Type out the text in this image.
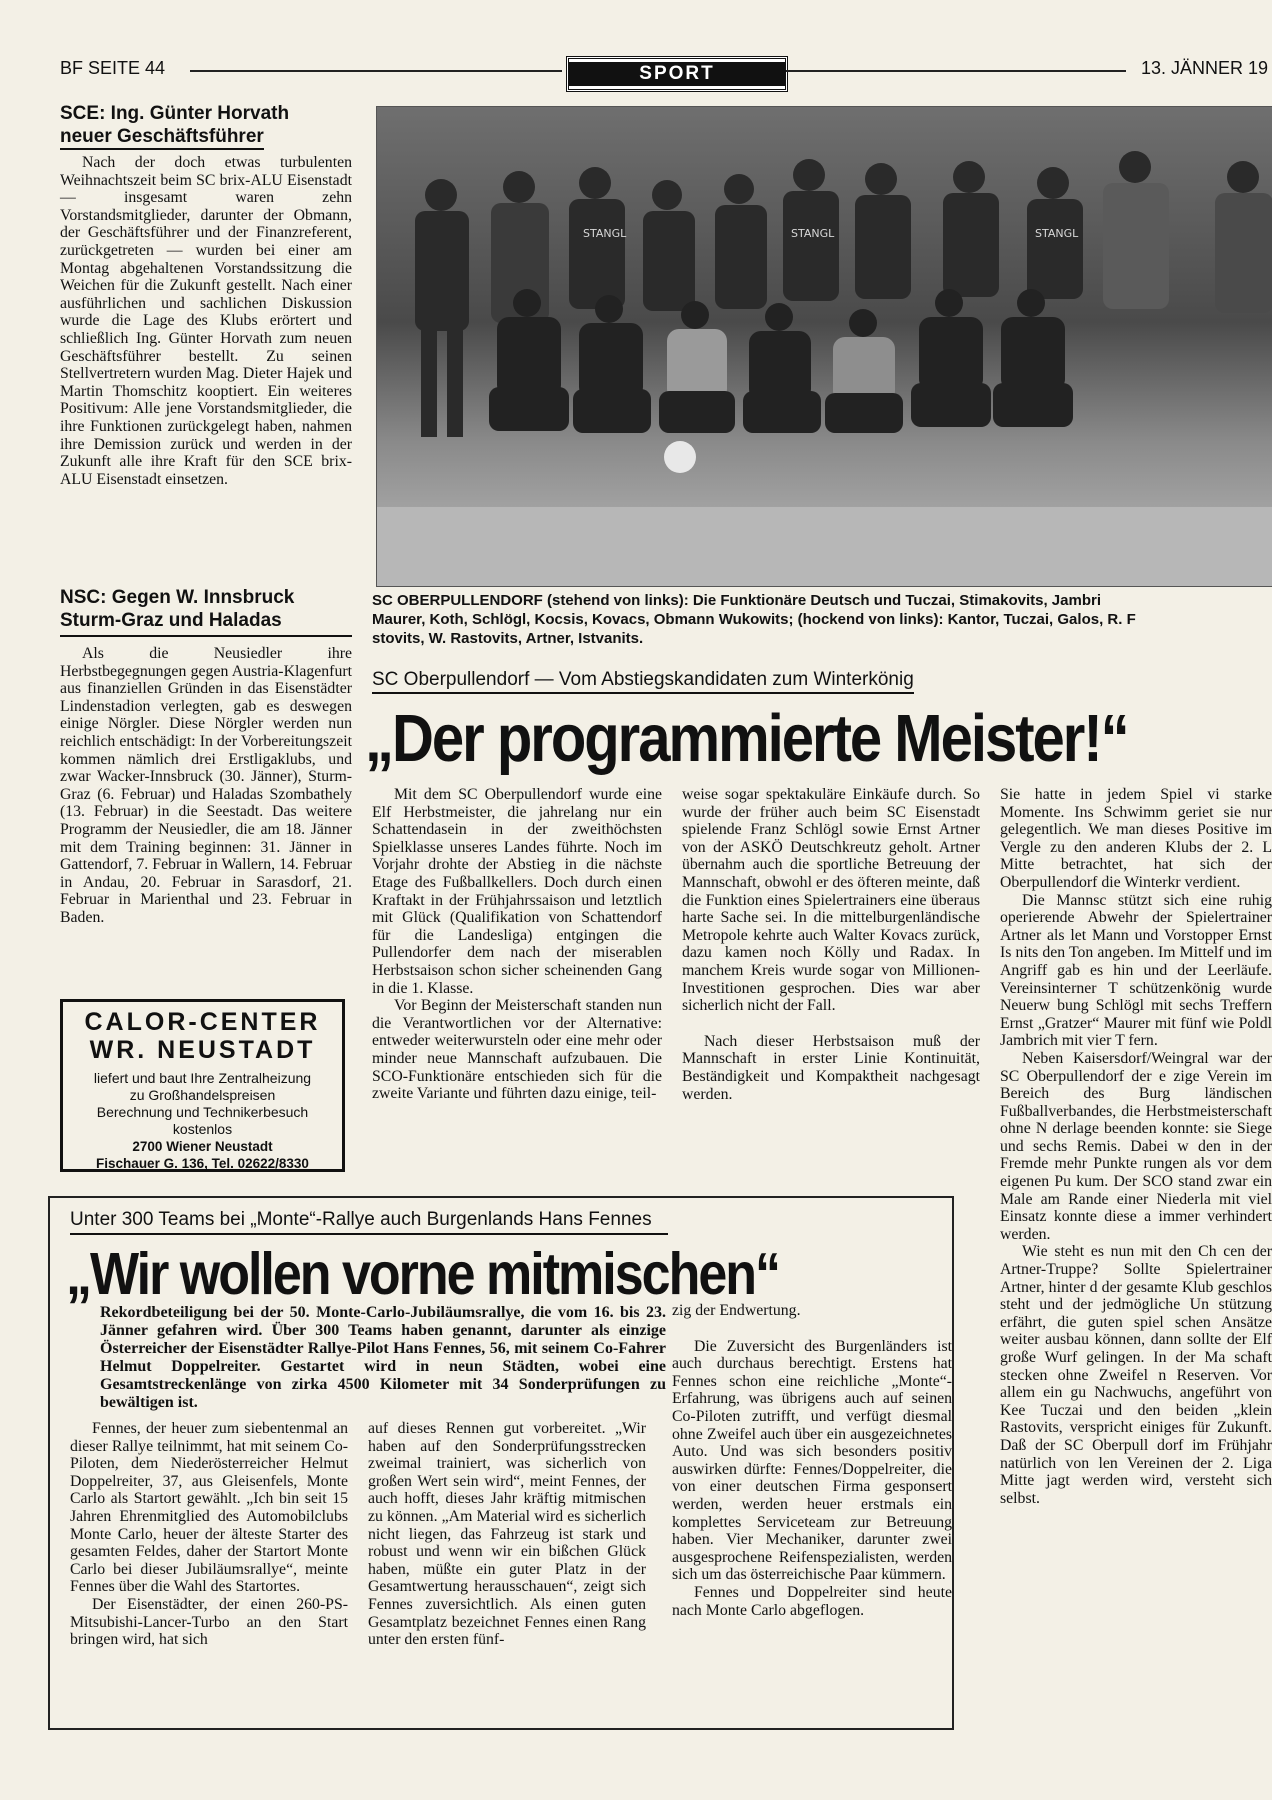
BF SEITE 44	SPORT	13. JÄNNER 19
SCE: Ing. Günter Horvath
neuer Geschäftsführer

Nach der doch etwas turbulenten Weihnachtszeit beim SC brix-ALU Eisenstadt — insgesamt waren zehn Vorstandsmitglieder, darunter der Obmann, der Geschäftsführer und der Finanzreferent, zurückgetreten — wurden bei einer am Montag abgehaltenen Vorstandssitzung die Weichen für die Zukunft gestellt. Nach einer ausführlichen und sachlichen Diskussion wurde die Lage des Klubs erörtert und schließlich Ing. Günter Horvath zum neuen Geschäftsführer bestellt. Zu seinen Stellvertretern wurden Mag. Dieter Hajek und Martin Thomschitz kooptiert. Ein weiteres Positivum: Alle jene Vorstandsmitglieder, die ihre Funktionen zurückgelegt haben, nahmen ihre Demission zurück und werden in der Zukunft alle ihre Kraft für den SCE brix-ALU Eisenstadt einsetzen.

NSC: Gegen W. Innsbruck
Sturm-Graz und Haladas

Als die Neusiedler ihre Herbstbegegnungen gegen Austria-Klagenfurt aus finanziellen Gründen in das Eisenstädter Lindenstadion verlegten, gab es deswegen einige Nörgler. Diese Nörgler werden nun reichlich entschädigt: In der Vorbereitungszeit kommen nämlich drei Erstligaklubs, und zwar Wacker-Innsbruck (30. Jänner), Sturm-Graz (6. Februar) und Haladas Szombathely (13. Februar) in die Seestadt. Das weitere Programm der Neusiedler, die am 18. Jänner mit dem Training beginnen: 31. Jänner in Gattendorf, 7. Februar in Wallern, 14. Februar in Andau, 20. Februar in Sarasdorf, 21. Februar in Marienthal und 23. Februar in Baden.

CALOR-CENTER
WR. NEUSTADT
liefert und baut Ihre Zentralheizung
zu Großhandelspreisen
Berechnung und Technikerbesuch
kostenlos
2700 Wiener Neustadt
Fischauer G. 136, Tel. 02622/8330
STANGL	STANGL	STANGL
SC OBERPULLENDORF (stehend von links): Die Funktionäre Deutsch und Tuczai, Stimakovits, Jambri
Maurer, Koth, Schlögl, Kocsis, Kovacs, Obmann Wukowits; (hockend von links): Kantor, Tuczai, Galos, R. F
stovits, W. Rastovits, Artner, Istvanits.
SC Oberpullendorf — Vom Abstiegskandidaten zum Winterkönig
„Der programmierte Meister!“

Mit dem SC Oberpullendorf wurde eine Elf Herbstmeister, die jahrelang nur ein Schattendasein in der zweithöchsten Spielklasse unseres Landes führte. Noch im Vorjahr drohte der Abstieg in die nächste Etage des Fußballkellers. Doch durch einen Kraftakt in der Frühjahrssaison und letztlich mit Glück (Qualifikation von Schattendorf für die Landesliga) entgingen die Pullendorfer dem nach der miserablen Herbstsaison schon sicher scheinenden Gang in die 1. Klasse.

Vor Beginn der Meisterschaft standen nun die Verantwortlichen vor der Alternative: entweder weiterwursteln oder eine mehr oder minder neue Mannschaft aufzubauen. Die SCO-Funktionäre entschieden sich für die zweite Variante und führten dazu einige, teil-

weise sogar spektakuläre Einkäufe durch. So wurde der früher auch beim SC Eisenstadt spielende Franz Schlögl sowie Ernst Artner von der ASKÖ Deutschkreutz geholt. Artner übernahm auch die sportliche Betreuung der Mannschaft, obwohl er des öfteren meinte, daß die Funktion eines Spielertrainers eine überaus harte Sache sei. In die mittelburgenländische Metropole kehrte auch Walter Kovacs zurück, dazu kamen noch Kölly und Radax. In manchem Kreis wurde sogar von Millionen-Investitionen gesprochen. Dies war aber sicherlich nicht der Fall.

Nach dieser Herbstsaison muß der Mannschaft in erster Linie Kontinuität, Beständigkeit und Kompaktheit nachgesagt werden.

Sie hatte in jedem Spiel vi starke Momente. Ins Schwimm geriet sie nur gelegentlich. We man dieses Positive im Vergle zu den anderen Klubs der 2. L Mitte betrachtet, hat sich der Oberpullendorf die Winterkr verdient.

Die Mannsc stützt sich eine ruhig operierende Abwehr der Spielertrainer Artner als let Mann und Vorstopper Ernst Is nits den Ton angeben. Im Mittelf und im Angriff gab es hin und der Leerläufe. Vereinsinterner T schützenkönig wurde Neuerw bung Schlögl mit sechs Treffern Ernst „Gratzer“ Maurer mit fünf wie Poldl Jambrich mit vier T fern.

Neben Kaisersdorf/Weingral war der SC Oberpullendorf der e zige Verein im Bereich des Burg ländischen Fußballverbandes, die Herbstmeisterschaft ohne N derlage beenden konnte: sie Siege und sechs Remis. Dabei w den in der Fremde mehr Punkte rungen als vor dem eigenen Pu kum. Der SCO stand zwar ein Male am Rande einer Niederla mit viel Einsatz konnte diese a immer verhindert werden.

Wie steht es nun mit den Ch cen der Artner-Truppe? Sollte Spielertrainer Artner, hinter d der gesamte Klub geschlos steht und der jedmögliche Un stützung erfährt, die guten spiel schen Ansätze weiter ausbau können, dann sollte der Elf große Wurf gelingen. In der Ma schaft stecken ohne Zweifel n Reserven. Vor allem ein gu Nachwuchs, angeführt von Kee Tuczai und den beiden „klein Rastovits, verspricht einiges für Zukunft. Daß der SC Oberpull dorf im Frühjahr natürlich von len Vereinen der 2. Liga Mitte jagt werden wird, versteht sich selbst.

Unter 300 Teams bei „Monte“-Rallye auch Burgenlands Hans Fennes
„Wir wollen vorne mitmischen“
Rekordbeteiligung bei der 50. Monte-Carlo-Jubiläumsrallye, die vom 16. bis 23. Jänner gefahren wird. Über 300 Teams haben genannt, darunter als einzige Österreicher der Eisenstädter Rallye-Pilot Hans Fennes, 56, mit seinem Co-Fahrer Helmut Doppelreiter. Gestartet wird in neun Städten, wobei eine Gesamtstreckenlänge von zirka 4500 Kilometer mit 34 Sonderprüfungen zu bewältigen ist.

Fennes, der heuer zum siebentenmal an dieser Rallye teilnimmt, hat mit seinem Co-Piloten, dem Niederösterreicher Helmut Doppelreiter, 37, aus Gleisenfels, Monte Carlo als Startort gewählt. „Ich bin seit 15 Jahren Ehrenmitglied des Automobilclubs Monte Carlo, heuer der älteste Starter des gesamten Feldes, daher der Startort Monte Carlo bei dieser Jubiläumsrallye“, meinte Fennes über die Wahl des Startortes.

Der Eisenstädter, der einen 260-PS-Mitsubishi-Lancer-Turbo an den Start bringen wird, hat sich

auf dieses Rennen gut vorbereitet. „Wir haben auf den Sonderprüfungsstrecken zweimal trainiert, was sicherlich von großen Wert sein wird“, meint Fennes, der auch hofft, dieses Jahr kräftig mitmischen zu können. „Am Material wird es sicherlich nicht liegen, das Fahrzeug ist stark und robust und wenn wir ein bißchen Glück haben, müßte ein guter Platz in der Gesamtwertung herausschauen“, zeigt sich Fennes zuversichtlich. Als einen guten Gesamtplatz bezeichnet Fennes einen Rang unter den ersten fünf-

zig der Endwertung.

Die Zuversicht des Burgenländers ist auch durchaus berechtigt. Erstens hat Fennes schon eine reichliche „Monte“-Erfahrung, was übrigens auch auf seinen Co-Piloten zutrifft, und verfügt diesmal ohne Zweifel auch über ein ausgezeichnetes Auto. Und was sich besonders positiv auswirken dürfte: Fennes/Doppelreiter, die von einer deutschen Firma gesponsert werden, werden heuer erstmals ein komplettes Serviceteam zur Betreuung haben. Vier Mechaniker, darunter zwei ausgesprochene Reifenspezialisten, werden sich um das österreichische Paar kümmern.

Fennes und Doppelreiter sind heute nach Monte Carlo abgeflogen.
